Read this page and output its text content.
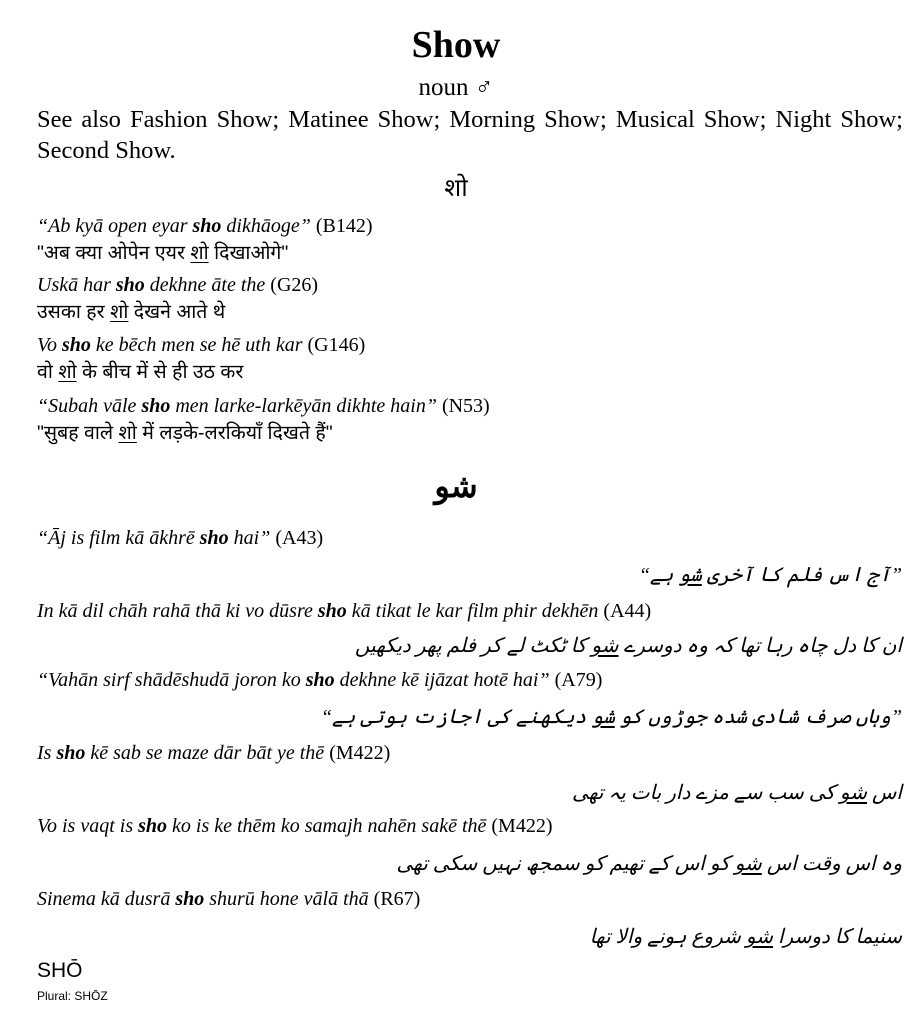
Show
noun ♂
See also Fashion Show; Matinee Show; Morning Show; Musical Show; Night Show; Second Show.
शो
“Ab kyā open eyar sho dikhāoge” (B142)
"अब क्या ओपेन एयर शो दिखाओगे"
Uskā har sho dekhne āte the (G26)
उसका हर शो देखने आते थे
Vo sho ke bēch men se hē uth kar (G146)
वो शो के बीच में से ही उठ कर
“Subah vāle sho men larke-larkēyān dikhte hain” (N53)
"सुबह वाले शो में लड़के-लरकियाँ दिखते हैं"
شو
“Āj is film kā ākhrē sho hai” (A43)
”آج اس فلم کا آخری شو ہے“
In kā dil chāh rahā thā ki vo dūsre sho kā tikat le kar film phir dekhēn (A44)
ان کا دل چاہ رہا تھا کہ وہ دوسرے شو کا ٹکٹ لے کر فلم پھر دیکھیں
“Vahān sirf shādēshudā joron ko sho dekhne kē ijāzat hotē hai” (A79)
”وہاں صرف شادی شدہ جوڑوں کو شو دیکھنے کی اجازت ہوتی ہے“
Is sho kē sab se maze dār bāt ye thē (M422)
اس شو کی سب سے مزے دار بات یہ تھی
Vo is vaqt is sho ko is ke thēm ko samajh nahēn sakē thē (M422)
وہ اس وقت اس شو کو اس کے تھیم کو سمجھ نہیں سکی تھی
Sinema kā dusrā sho shurū hone vālā thā (R67)
سنیما کا دوسرا شو شروع ہونے والا تھا
SHŌ
Plural: SHŌZ
